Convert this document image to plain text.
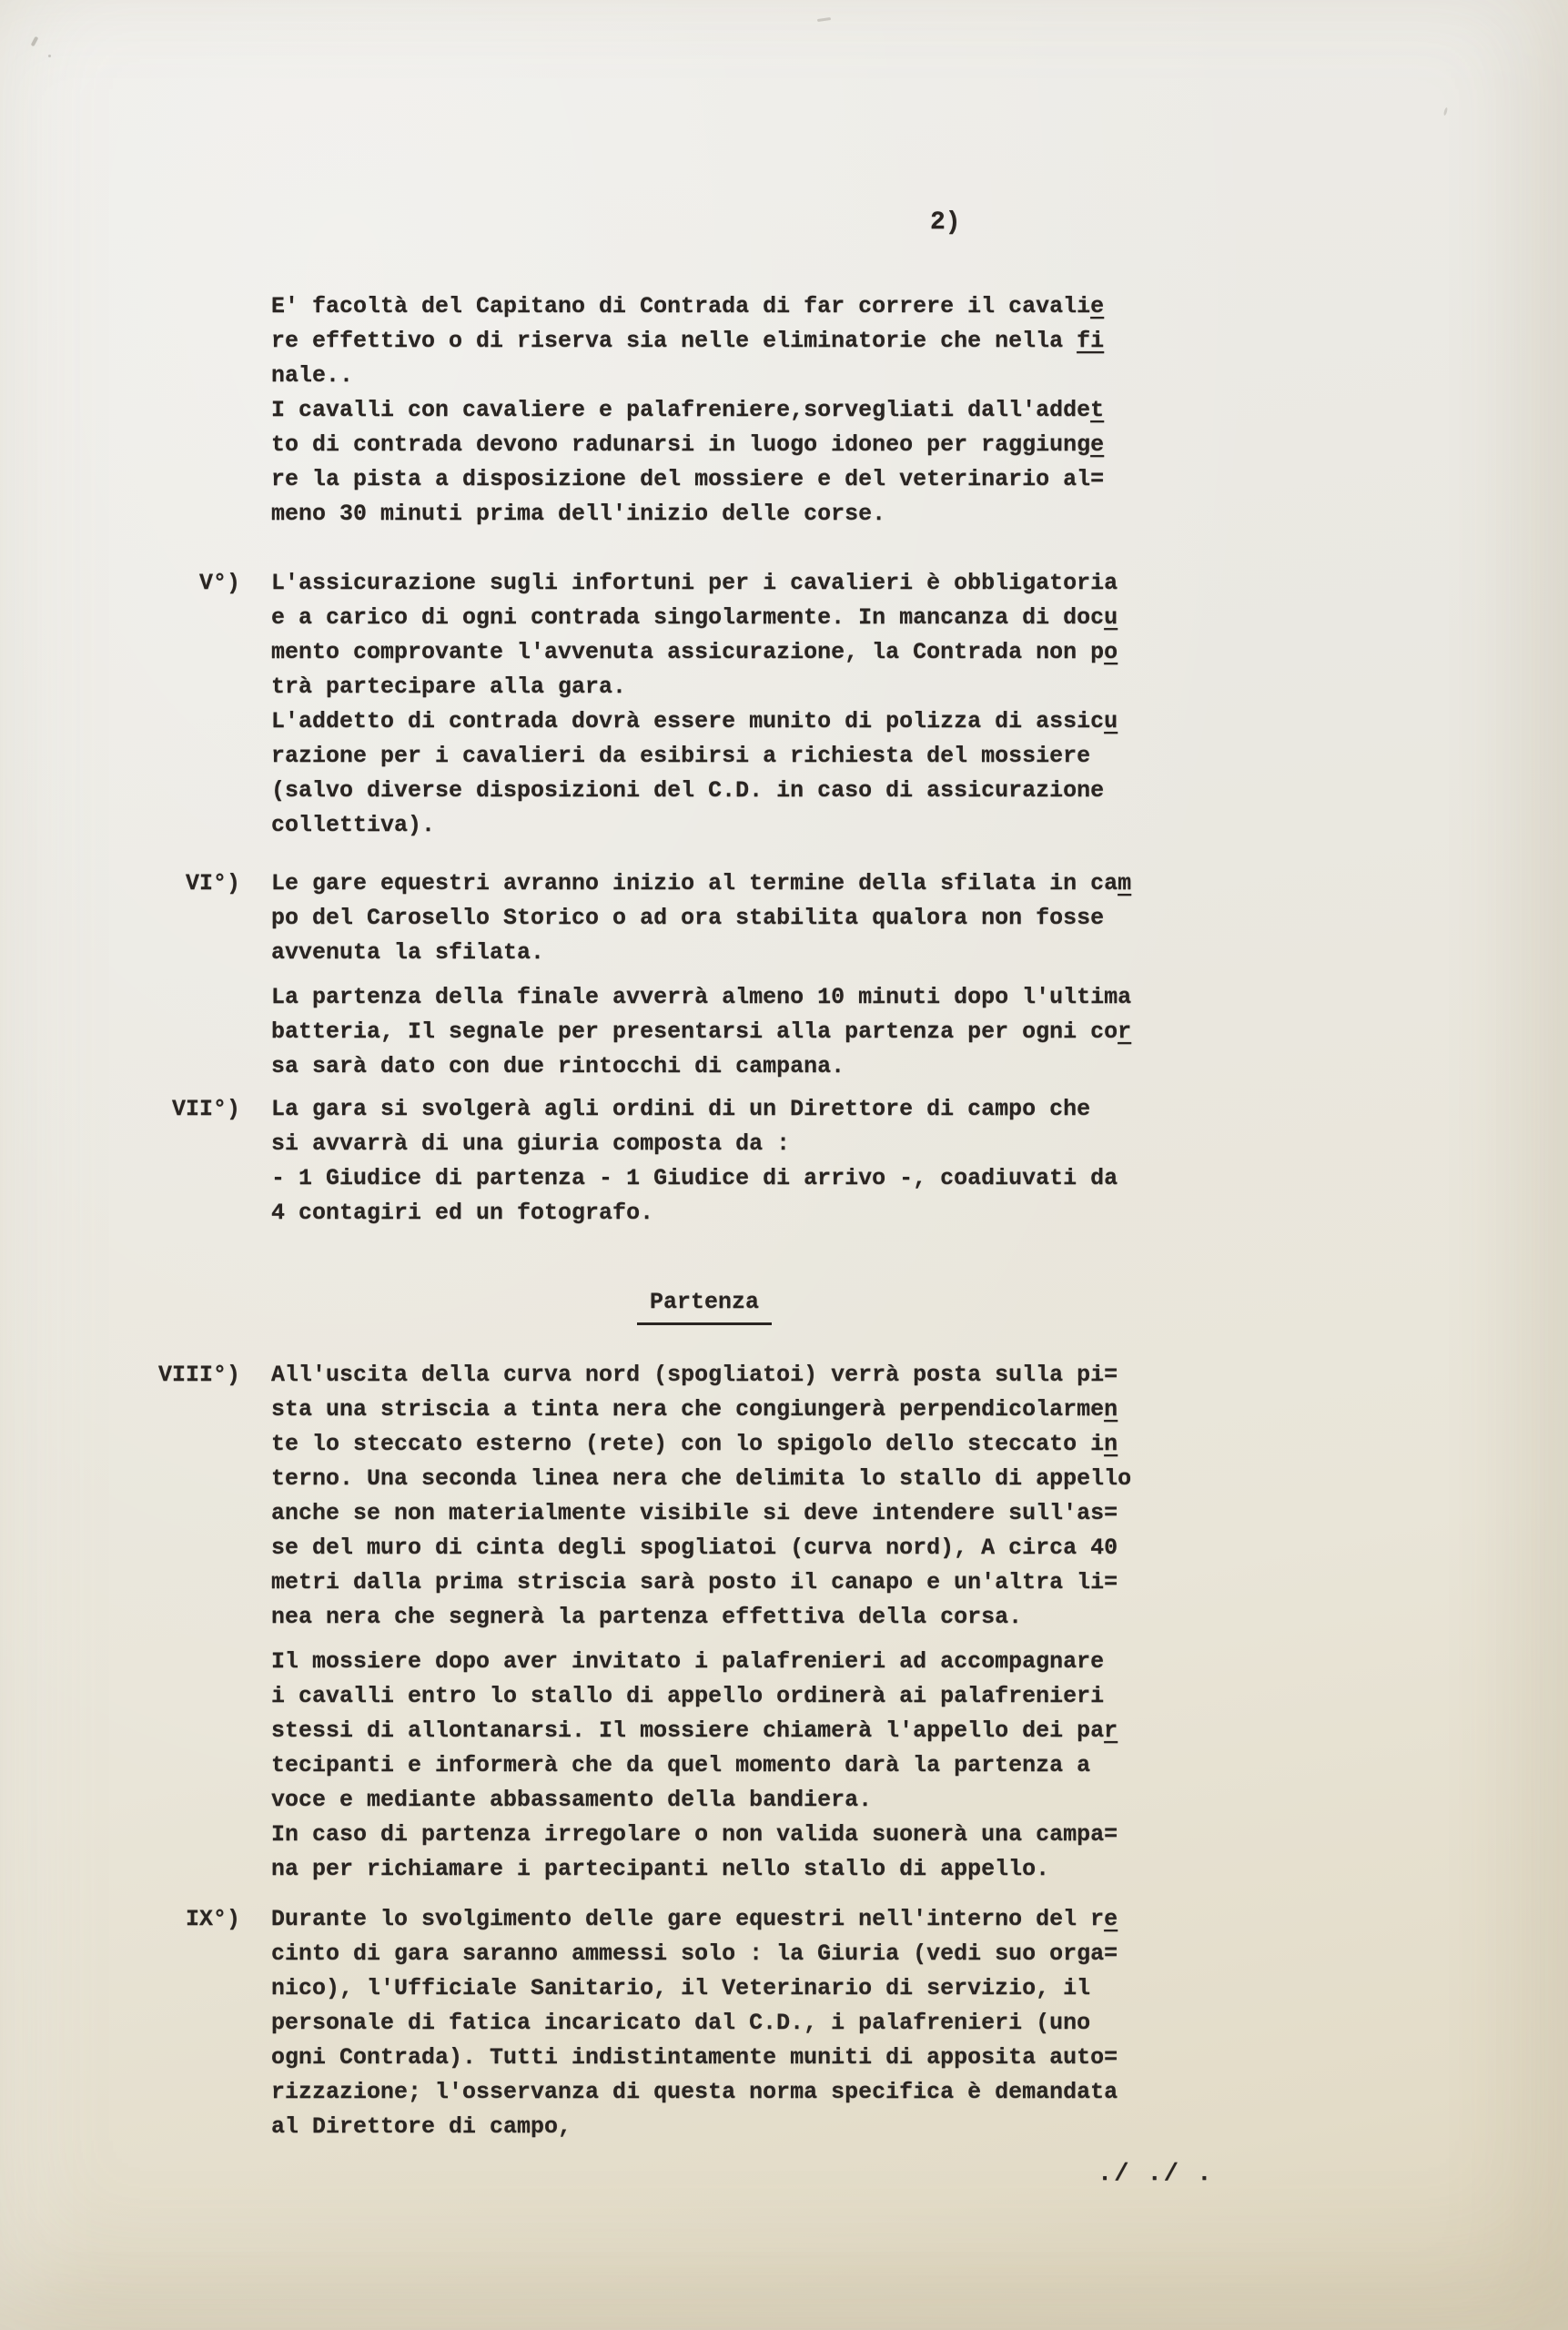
2)
E' facoltà del Capitano di Contrada di far correre il cavalie
re effettivo o di riserva sia nelle eliminatorie che nella fi
nale..
I cavalli con cavaliere e palafreniere,sorvegliati dall'addet
to di contrada devono radunarsi in luogo idoneo per raggiunge
re la pista a disposizione del mossiere e del veterinario al=
meno 30 minuti prima dell'inizio delle corse.
V°) L'assicurazione sugli infortuni per i cavalieri è obbligatoria
e a carico di ogni contrada singolarmente. In mancanza di docu
mento comprovante l'avvenuta assicurazione, la Contrada non po
trà partecipare alla gara.
L'addetto di contrada dovrà essere munito di polizza di assicu
razione per i cavalieri da esibirsi a richiesta del mossiere
(salvo diverse disposizioni del C.D. in caso di assicurazione
collettiva).
VI°) Le gare equestri avranno inizio al termine della sfilata in cam
po del Carosello Storico o ad ora stabilita qualora non fosse
avvenuta la sfilata.
La partenza della finale avverrà almeno 10 minuti dopo l'ultima
batteria, Il segnale per presentarsi alla partenza per ogni cor
sa sarà dato con due rintocchi di campana.
VII°) La gara si svolgerà agli ordini di un Direttore di campo che
si avvarrà di una giuria composta da :
- 1 Giudice di partenza - 1 Giudice di arrivo -, coadiuvati da
4 contagiri ed un fotografo.
Partenza
VIII°) All'uscita della curva nord (spogliatoi) verrà posta sulla pi=
sta una striscia a tinta nera che congiungerà perpendicolarmen
te lo steccato esterno (rete) con lo spigolo dello steccato in
terno. Una seconda linea nera che delimita lo stallo di appello
anche se non materialmente visibile si deve intendere sull'as=
se del muro di cinta degli spogliatoi (curva nord), A circa 40
metri dalla prima striscia sarà posto il canapo e un'altra li=
nea nera che segnerà la partenza effettiva della corsa.
Il mossiere dopo aver invitato i palafrenieri ad accompagnare
i cavalli entro lo stallo di appello ordinerà ai palafrenieri
stessi di allontanarsi. Il mossiere chiamerà l'appello dei par
tecipanti e informerà che da quel momento darà la partenza a
voce e mediante abbassamento della bandiera.
In caso di partenza irregolare o non valida suonerà una campa=
na per richiamare i partecipanti nello stallo di appello.
IX°) Durante lo svolgimento delle gare equestri nell'interno del re
cinto di gara saranno ammessi solo : la Giuria (vedi suo orga=
nico), l'Ufficiale Sanitario, il Veterinario di servizio, il
personale di fatica incaricato dal C.D., i palafrenieri (uno
ogni Contrada). Tutti indistintamente muniti di apposita auto=
rizzazione; l'osservanza di questa norma specifica è demandata
al Direttore di campo,
./ ./ .
